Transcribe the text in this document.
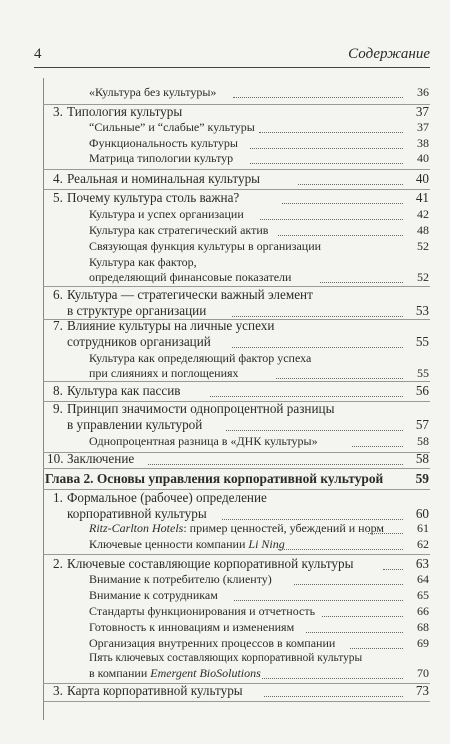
4	Содержание
«Культура без культуры»	36
3. Типология культуры	37
“Сильные” и “слабые” культуры	37
Функциональность культуры	38
Матрица типологии культур	40
4. Реальная и номинальная культуры	40
5. Почему культура столь важна?	41
Культура и успех организации	42
Культура как стратегический актив	48
Связующая функция культуры в организации	52
Культура как фактор,
определяющий финансовые показатели	52
6. Культура — стратегически важный элемент
в структуре организации	53
7. Влияние культуры на личные успехи
сотрудников организаций	55
Культура как определяющий фактор успеха
при слияниях и поглощениях	55
8. Культура как пассив	56
9. Принцип значимости однопроцентной разницы
в управлении культурой	57
Однопроцентная разница в «ДНК культуры»	58
10. Заключение	58
Глава 2. Основы управления корпоративной культурой 59
1. Формальное (рабочее) определение
корпоративной культуры	60
Ritz-Carlton Hotels: пример ценностей, убеждений и норм	61
Ключевые ценности компании Li Ning	62
2. Ключевые составляющие корпоративной культуры	63
Внимание к потребителю (клиенту)	64
Внимание к сотрудникам	65
Стандарты функционирования и отчетность	66
Готовность к инновациям и изменениям	68
Организация внутренних процессов в компании	69
Пять ключевых составляющих корпоративной культуры
в компании Emergent BioSolutions	70
3. Карта корпоративной культуры	73
